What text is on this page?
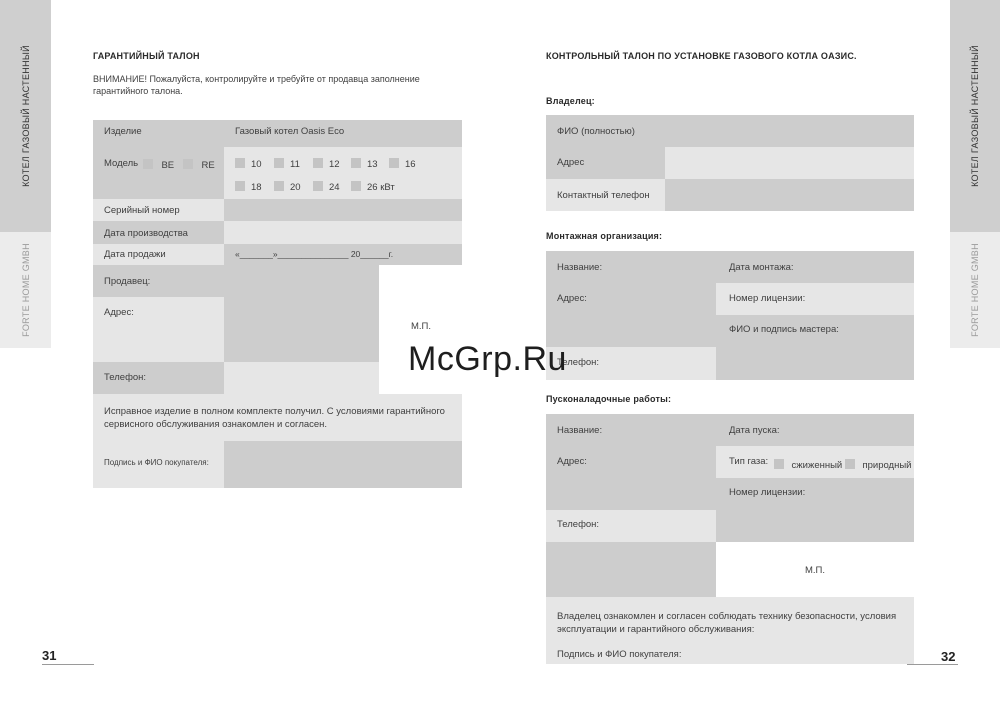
КОТЕЛ ГАЗОВЫЙ НАСТЕННЫЙ
FORTE HOME GMBH
КОТЕЛ ГАЗОВЫЙ НАСТЕННЫЙ
FORTE HOME GMBH
ГАРАНТИЙНЫЙ ТАЛОН
ВНИМАНИЕ! Пожалуйста, контролируйте и требуйте от продавца заполнение
гарантийного талона.
Изделие	Газовый котел Oasis Eco
Модель	BE	RE	10	11	12	13	16
18	20	24	26 кВт
Серийный номер
Дата производства
Дата продажи	«_______»_______________ 20______г.
Продавец:
Адрес:
М.П.
Телефон:
Исправное изделие в полном комплекте получил. С условиями гарантийного
сервисного обслуживания ознакомлен и согласен.
Подпись и ФИО покупателя:
31
КОНТРОЛЬНЫЙ ТАЛОН ПО УСТАНОВКЕ ГАЗОВОГО КОТЛА OАЗИС.
Владелец:
ФИО (полностью)
Адрес
Контактный телефон
Монтажная организация:
Название:	Дата монтажа:
Адрес:	Номер лицензии:
ФИО и подпись мастера:
Телефон:
Пусконаладочные работы:
Название:	Дата пуска:
Адрес:	Тип газа:	сжиженный	природный
Номер лицензии:
Телефон:
М.П.
Владелец ознакомлен и согласен соблюдать технику безопасности, условия
эксплуатации и гарантийного обслуживания:
Подпись и ФИО покупателя:	32
McGrp.Ru
